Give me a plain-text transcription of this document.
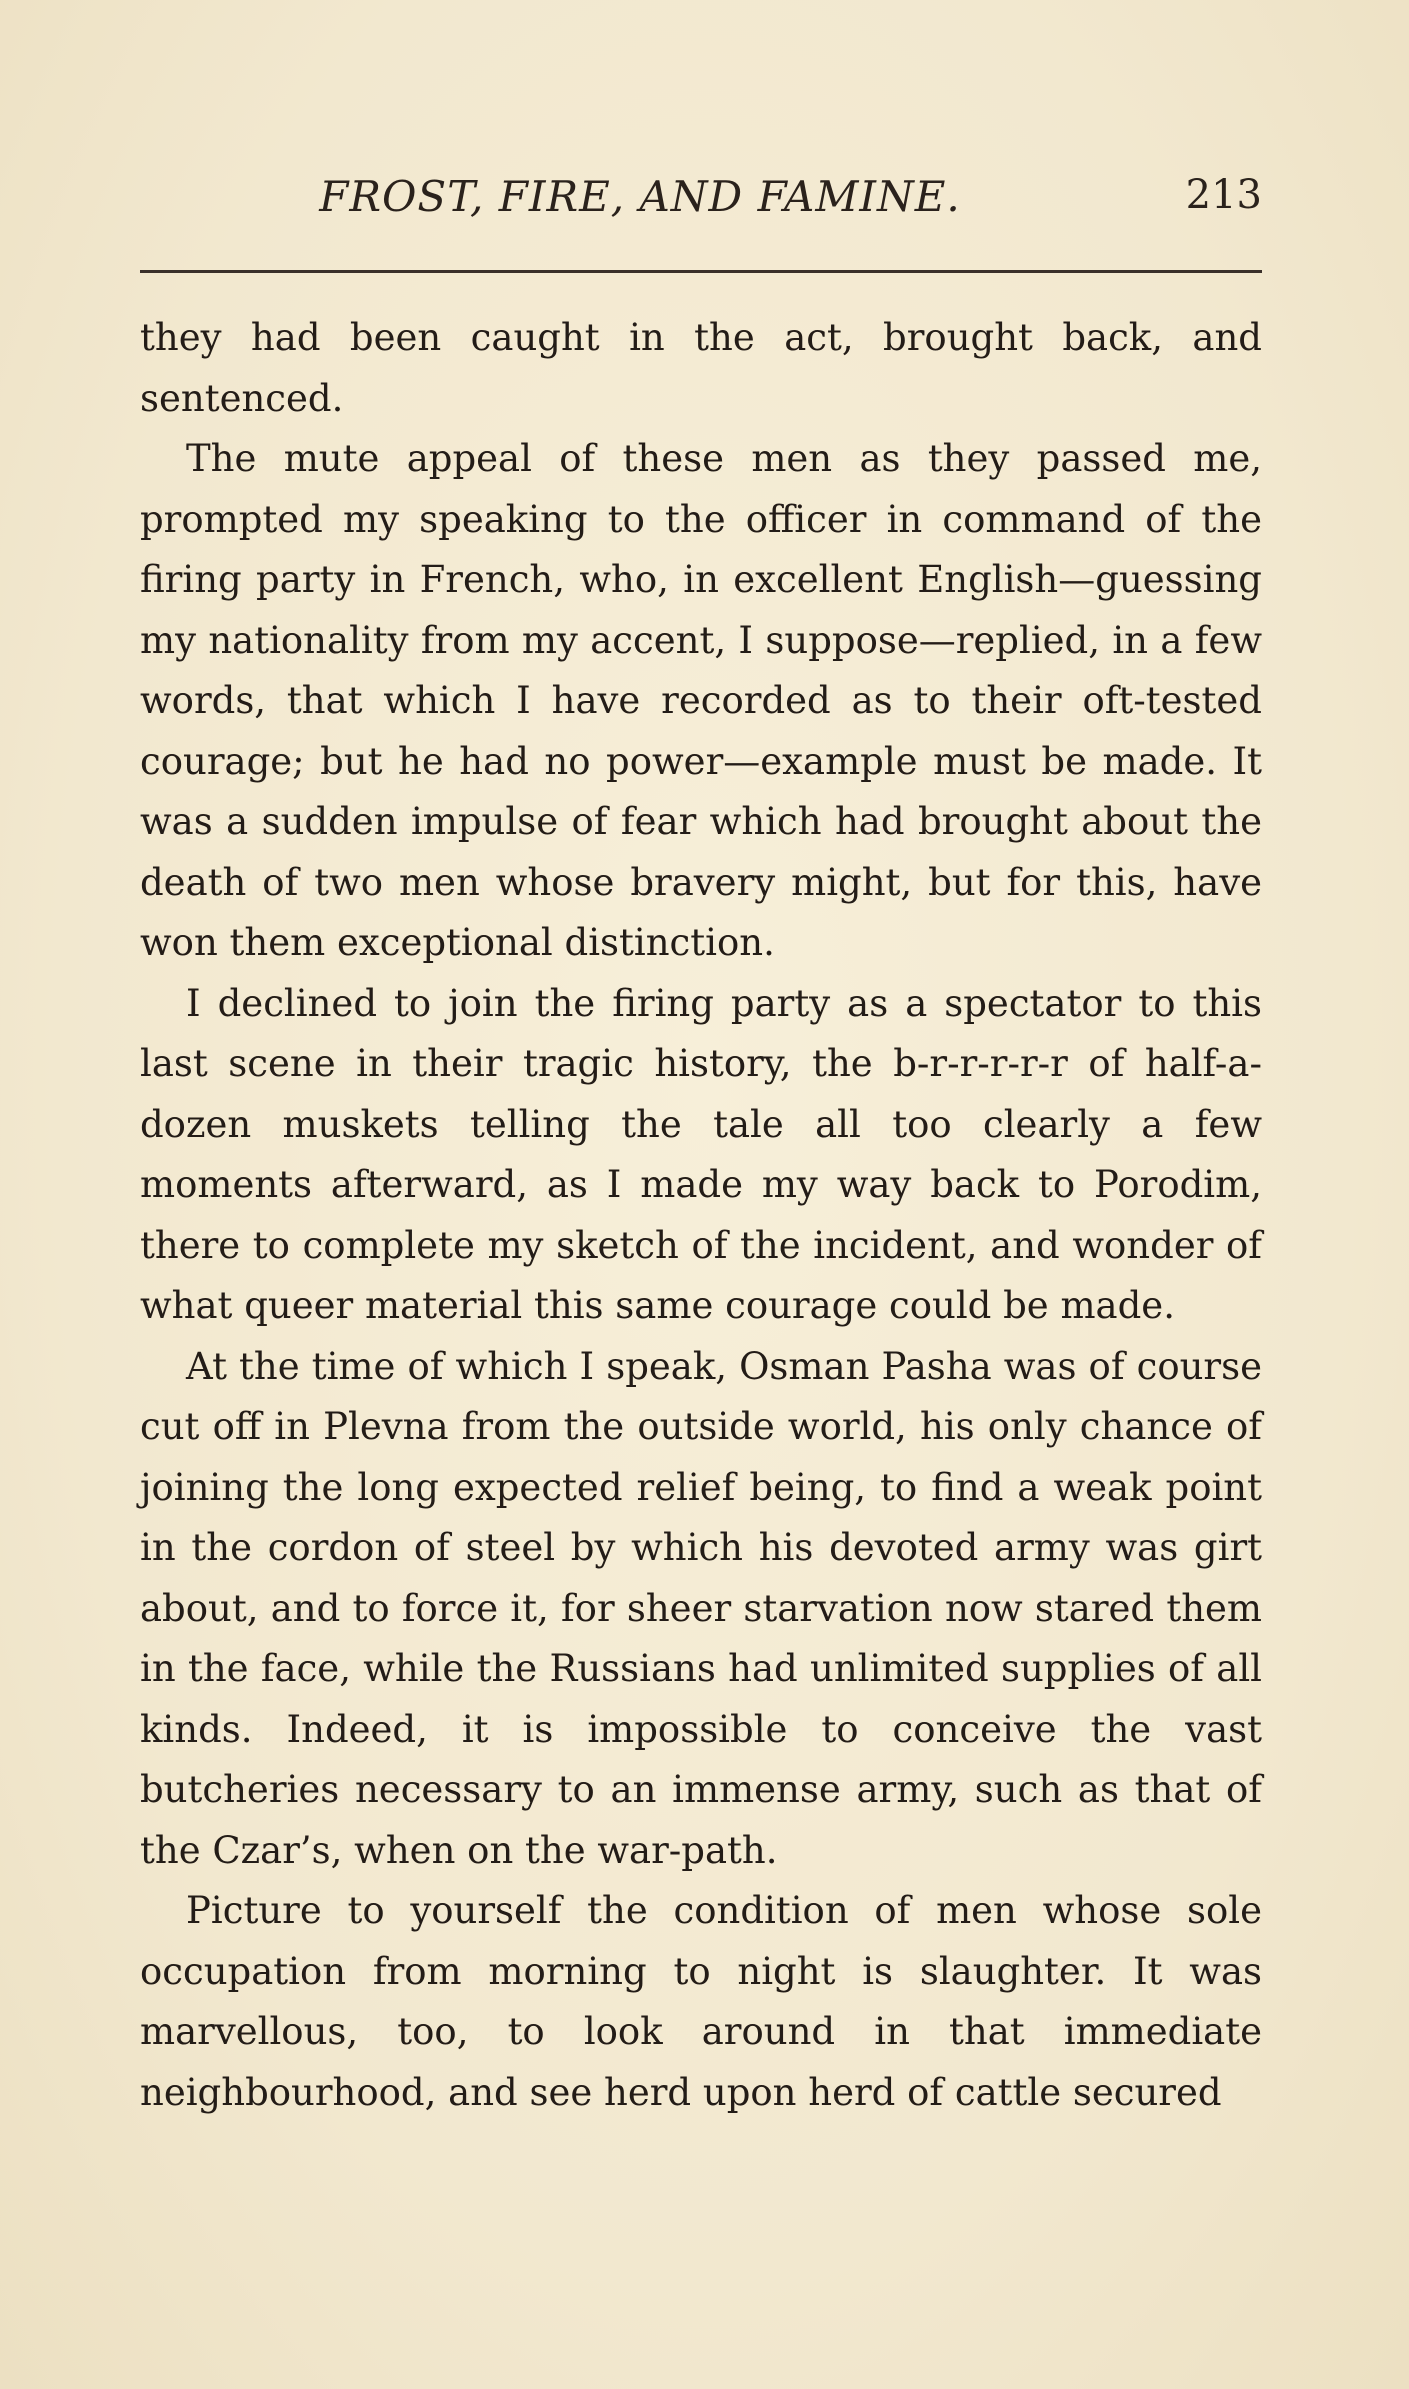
FROST, FIRE, AND FAMINE.	213

they had been caught in the act, brought back, and sentenced.

The mute appeal of these men as they passed me, prompted my speaking to the officer in command of the firing party in French, who, in excellent English—guessing my nationality from my accent, I suppose—replied, in a few words, that which I have recorded as to their oft-tested courage; but he had no power—example must be made. It was a sudden impulse of fear which had brought about the death of two men whose bravery might, but for this, have won them exceptional distinction.

I declined to join the firing party as a spectator to this last scene in their tragic history, the b-r-r-r-r-r of half-a-dozen muskets telling the tale all too clearly a few moments afterward, as I made my way back to Porodim, there to complete my sketch of the incident, and wonder of what queer material this same courage could be made.

At the time of which I speak, Osman Pasha was of course cut off in Plevna from the outside world, his only chance of joining the long expected relief being, to find a weak point in the cordon of steel by which his devoted army was girt about, and to force it, for sheer starvation now stared them in the face, while the Russians had unlimited supplies of all kinds. Indeed, it is impossible to conceive the vast butcheries necessary to an immense army, such as that of the Czar’s, when on the war-path.

Picture to yourself the condition of men whose sole occupation from morning to night is slaughter. It was marvellous, too, to look around in that immediate neighbourhood, and see herd upon herd of cattle secured
